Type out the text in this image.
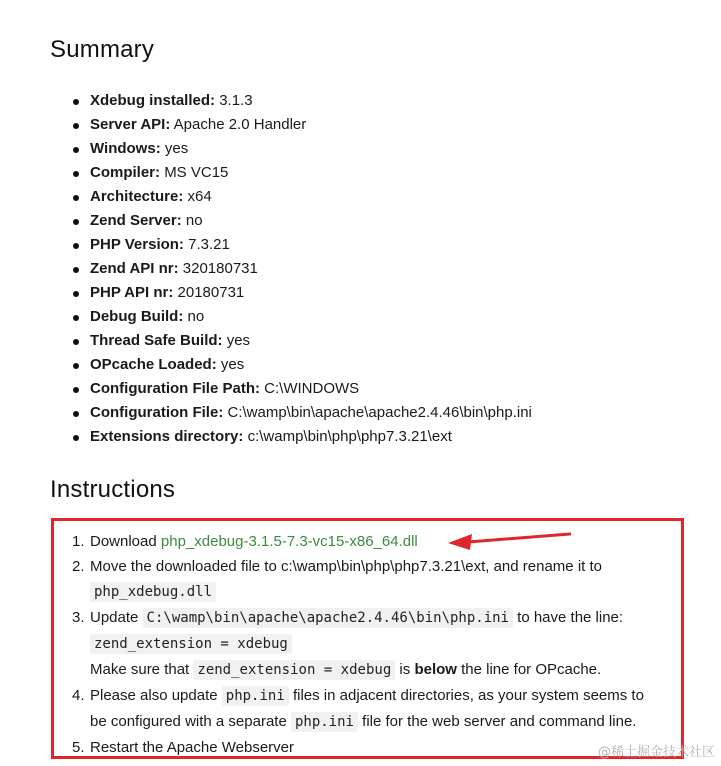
Summary
Xdebug installed: 3.1.3
Server API: Apache 2.0 Handler
Windows: yes
Compiler: MS VC15
Architecture: x64
Zend Server: no
PHP Version: 7.3.21
Zend API nr: 320180731
PHP API nr: 20180731
Debug Build: no
Thread Safe Build: yes
OPcache Loaded: yes
Configuration File Path: C:\WINDOWS
Configuration File: C:\wamp\bin\apache\apache2.4.46\bin\php.ini
Extensions directory: c:\wamp\bin\php\php7.3.21\ext
Instructions
1. Download php_xdebug-3.1.5-7.3-vc15-x86_64.dll
2. Move the downloaded file to c:\wamp\bin\php\php7.3.21\ext, and rename it to
php_xdebug.dll
3. Update C:\wamp\bin\apache\apache2.4.46\bin\php.ini to have the line:
zend_extension = xdebug
Make sure that zend_extension = xdebug is below the line for OPcache.
4. Please also update php.ini files in adjacent directories, as your system seems to
be configured with a separate php.ini file for the web server and command line.
5. Restart the Apache Webserver	@稀土掘金技术社区
